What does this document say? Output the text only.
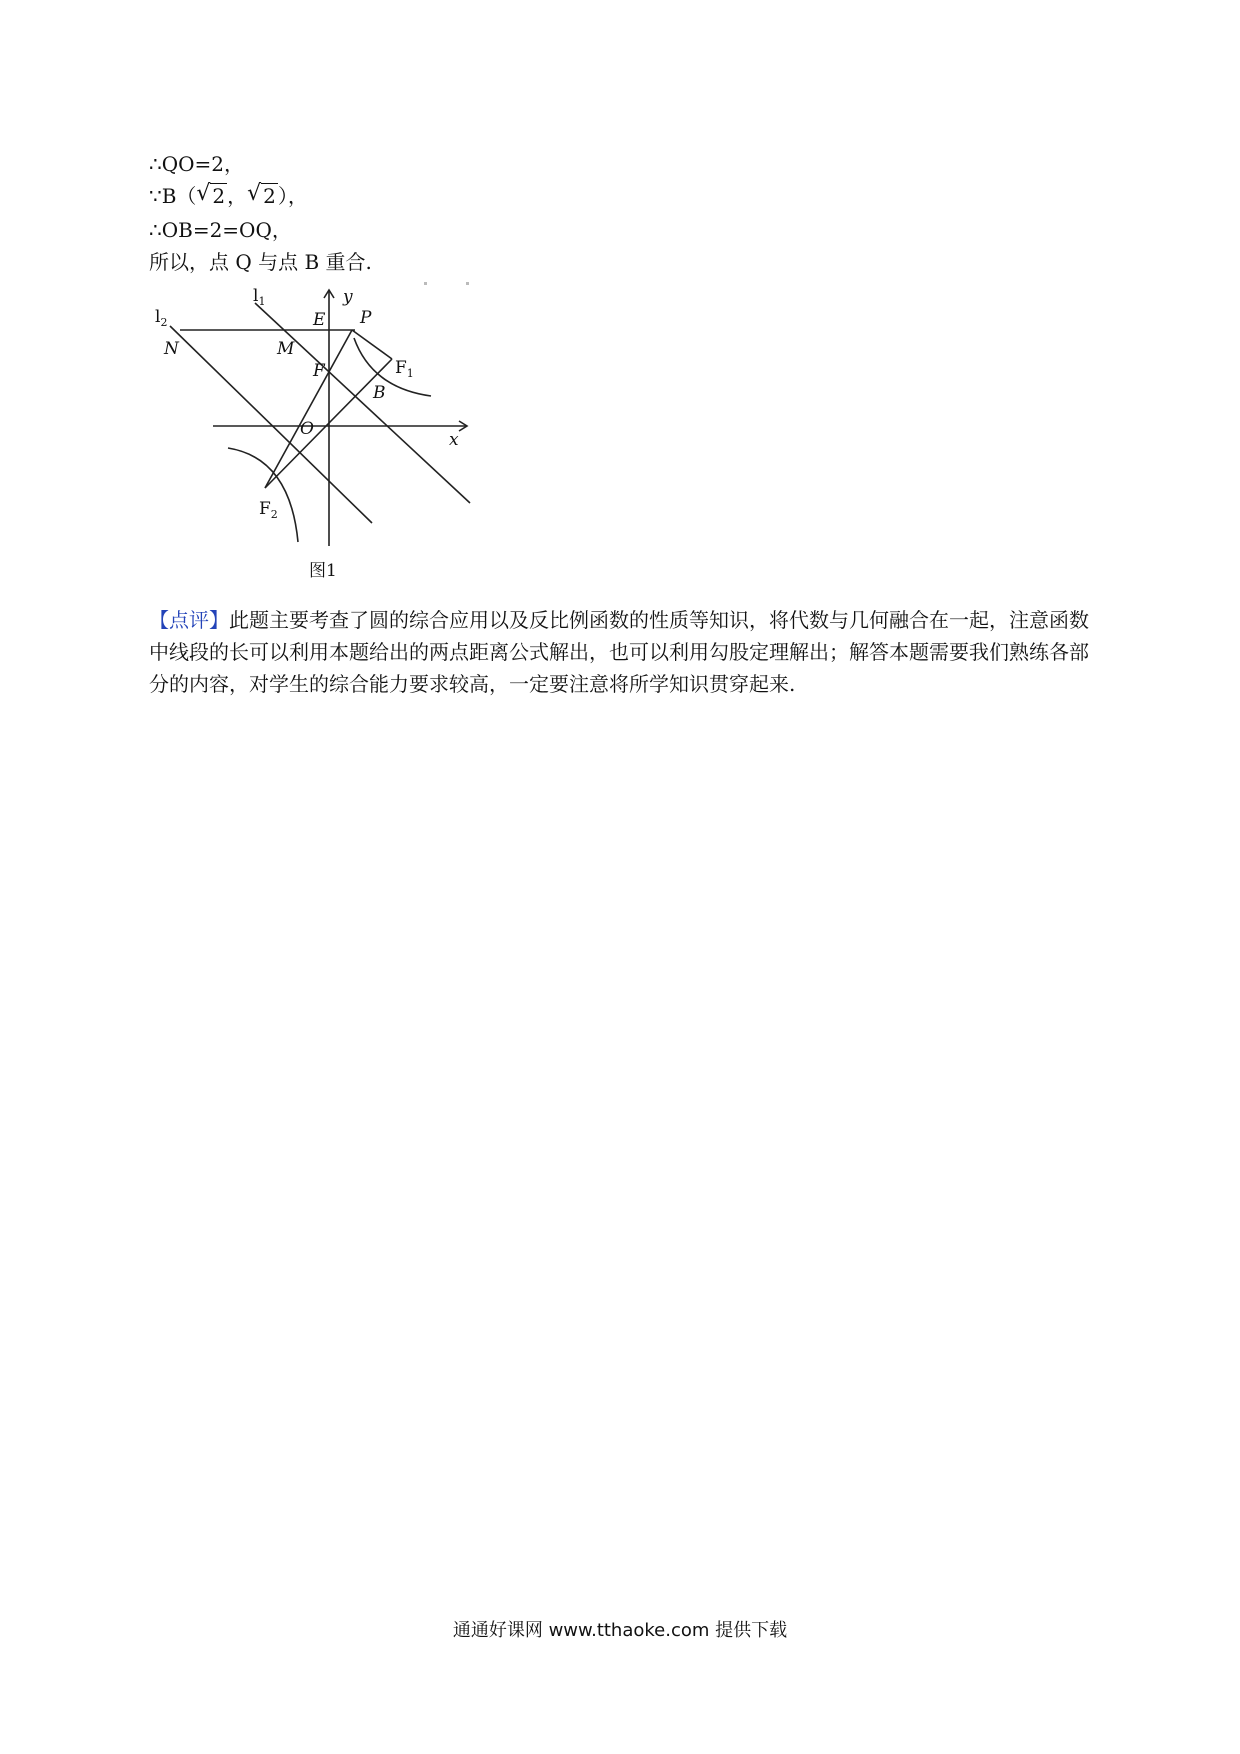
∴QO=2，
∵B（ √ 2 ， √ 2 ），
∴OB=2=OQ，
所以，点 Q 与点 B 重合.
$l_1$
$l_2$
y
x
E P
M
N
F	$F_1$
B
O
$F_2$
图1
【点评】此题主要考查了圆的综合应用以及反比例函数的性质等知识，将代数与几何融合在一起，注意函数中线段的长可以利用本题给出的两点距离公式解出，也可以利用勾股定理解出；解答本题需要我们熟练各部分的内容，对学生的综合能力要求较高，一定要注意将所学知识贯穿起来.
通通好课网 www.tthaoke.com 提供下载
